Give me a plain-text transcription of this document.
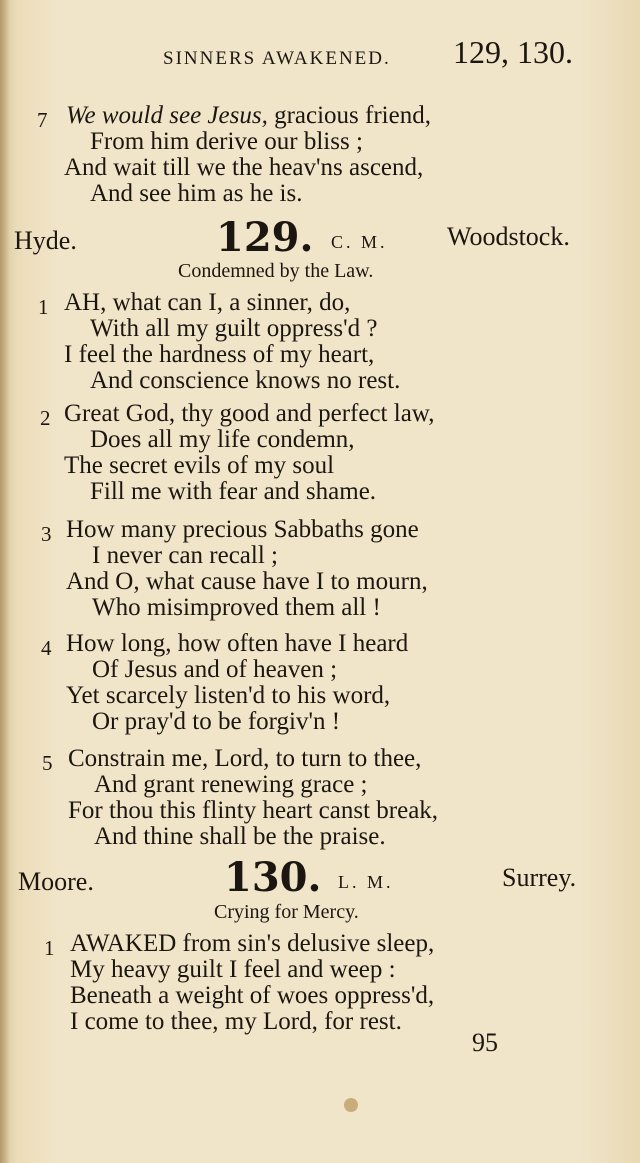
SINNERS AWAKENED. 129, 130.
7 We would see Jesus, gracious friend,
From him derive our bliss ;
And wait till we the heav'ns ascend,
And see him as he is.
Hyde.	129. C. M. Woodstock.
Condemned by the Law.
1 AH, what can I, a sinner, do,
With all my guilt oppress'd ?
I feel the hardness of my heart,
And conscience knows no rest.
2 Great God, thy good and perfect law,
Does all my life condemn,
The secret evils of my soul
Fill me with fear and shame.
3 How many precious Sabbaths gone
I never can recall ;
And O, what cause have I to mourn,
Who misimproved them all !
4 How long, how often have I heard
Of Jesus and of heaven ;
Yet scarcely listen'd to his word,
Or pray'd to be forgiv'n !
5 Constrain me, Lord, to turn to thee,
And grant renewing grace ;
For thou this flinty heart canst break,
And thine shall be the praise.
Moore.	130. L. M.	Surrey.
Crying for Mercy.
1 AWAKED from sin's delusive sleep,
My heavy guilt I feel and weep :
Beneath a weight of woes oppress'd,
I come to thee, my Lord, for rest.
95
